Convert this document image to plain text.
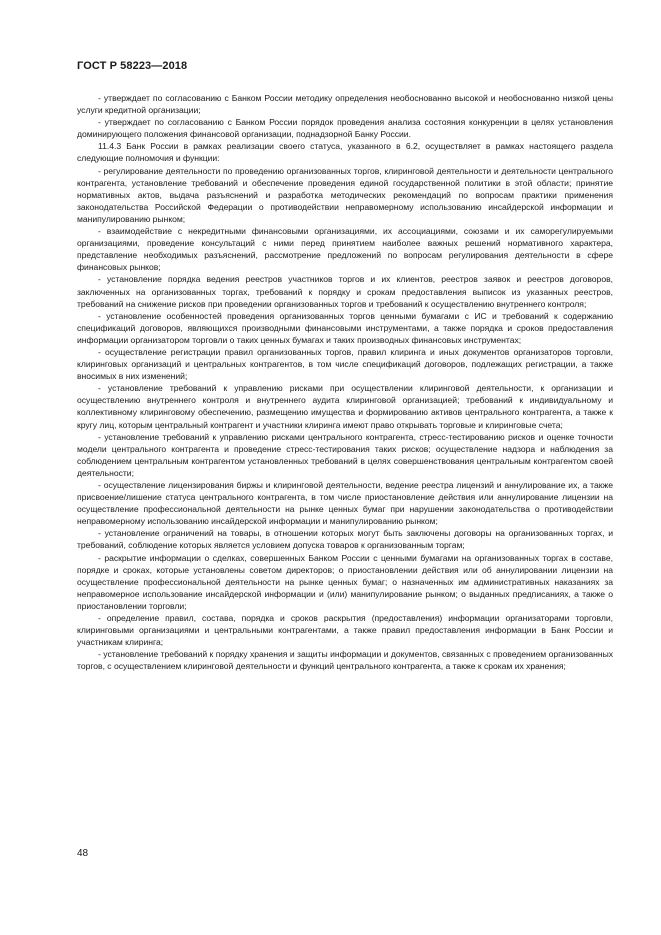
ГОСТ Р 58223—2018

- утверждает по согласованию с Банком России методику определения необоснованно высокой и необоснованно низкой цены услуги кредитной организации;

- утверждает по согласованию с Банком России порядок проведения анализа состояния конкуренции в целях установления доминирующего положения финансовой организации, поднадзорной Банку России.

11.4.3 Банк России в рамках реализации своего статуса, указанного в 6.2, осуществляет в рамках настоящего раздела следующие полномочия и функции:

- регулирование деятельности по проведению организованных торгов, клиринговой деятельности и деятельности центрального контрагента, установление требований и обеспечение проведения единой государственной политики в этой области; принятие нормативных актов, выдача разъяснений и разработка методических рекомендаций по вопросам практики применения законодательства Российской Федерации о противодействии неправомерному использованию инсайдерской информации и манипулированию рынком;

- взаимодействие с некредитными финансовыми организациями, их ассоциациями, союзами и их саморегулируемыми организациями, проведение консультаций с ними перед принятием наиболее важных решений нормативного характера, представление необходимых разъяснений, рассмотрение предложений по вопросам регулирования деятельности в сфере финансовых рынков;

- установление порядка ведения реестров участников торгов и их клиентов, реестров заявок и реестров договоров, заключенных на организованных торгах, требований к порядку и срокам предоставления выписок из указанных реестров, требований на снижение рисков при проведении организованных торгов и требований к осуществлению внутреннего контроля;

- установление особенностей проведения организованных торгов ценными бумагами с ИС и требований к содержанию спецификаций договоров, являющихся производными финансовыми инструментами, а также порядка и сроков предоставления информации организатором торговли о таких ценных бумагах и таких производных финансовых инструментах;

- осуществление регистрации правил организованных торгов, правил клиринга и иных документов организаторов торговли, клиринговых организаций и центральных контрагентов, в том числе спецификаций договоров, подлежащих регистрации, а также вносимых в них изменений;

- установление требований к управлению рисками при осуществлении клиринговой деятельности, к организации и осуществлению внутреннего контроля и внутреннего аудита клиринговой организацией; требований к индивидуальному и коллективному клиринговому обеспечению, размещению имущества и формированию активов центрального контрагента, а также к кругу лиц, которым центральный контрагент и участники клиринга имеют право открывать торговые и клиринговые счета;

- установление требований к управлению рисками центрального контрагента, стресс-тестированию рисков и оценке точности модели центрального контрагента и проведение стресс-тестирования таких рисков; осуществление надзора и наблюдения за соблюдением центральным контрагентом установленных требований в целях совершенствования центральным контрагентом своей деятельности;

- осуществление лицензирования биржы и клиринговой деятельности, ведение реестра лицензий и аннулирование их, а также присвоение/лишение статуса центрального контрагента, в том числе приостановление действия или аннулирование лицензии на осуществление профессиональной деятельности на рынке ценных бумаг при нарушении законодательства о противодействии неправомерному использованию инсайдерской информации и манипулированию рынком;

- установление ограничений на товары, в отношении которых могут быть заключены договоры на организованных торгах, и требований, соблюдение которых является условием допуска товаров к организованным торгам;

- раскрытие информации о сделках, совершенных Банком России с ценными бумагами на организованных торгах в составе, порядке и сроках, которые установлены советом директоров; о приостановлении действия или об аннулировании лицензии на осуществление профессиональной деятельности на рынке ценных бумаг; о назначенных им административных наказаниях за неправомерное использование инсайдерской информации и (или) манипулирование рынком; о выданных предписаниях, а также о приостановлении торговли;

- определение правил, состава, порядка и сроков раскрытия (предоставления) информации организаторами торговли, клиринговыми организациями и центральными контрагентами, а также правил предоставления информации в Банк России и участникам клиринга;

- установление требований к порядку хранения и защиты информации и документов, связанных с проведением организованных торгов, с осуществлением клиринговой деятельности и функций центрального контрагента, а также к срокам их хранения;

48
